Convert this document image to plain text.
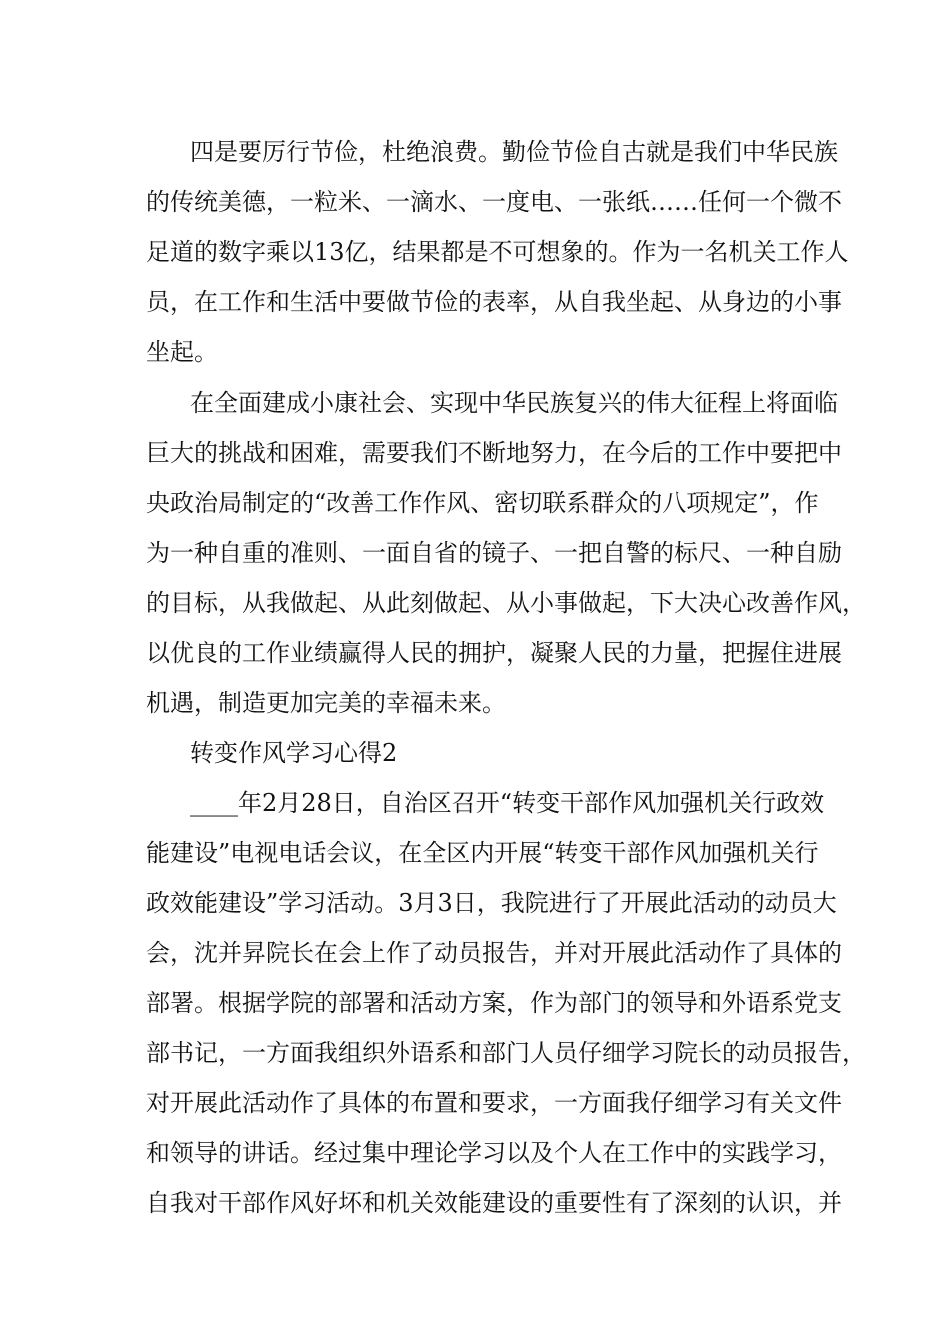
四是要厉行节俭，杜绝浪费。勤俭节俭自古就是我们中华民族
的传统美德，一粒米、一滴水、一度电、一张纸……任何一个微不
足道的数字乘以13亿，结果都是不可想象的。作为一名机关工作人
员，在工作和生活中要做节俭的表率，从自我坐起、从身边的小事
坐起。
在全面建成小康社会、实现中华民族复兴的伟大征程上将面临
巨大的挑战和困难，需要我们不断地努力，在今后的工作中要把中
央政治局制定的“改善工作作风、密切联系群众的八项规定”，作
为一种自重的准则、一面自省的镜子、一把自警的标尺、一种自励
的目标，从我做起、从此刻做起、从小事做起，下大决心改善作风，
以优良的工作业绩赢得人民的拥护，凝聚人民的力量，把握住进展
机遇，制造更加完美的幸福未来。
转变作风学习心得2
____年2月28日，自治区召开“转变干部作风加强机关行政效
能建设”电视电话会议，在全区内开展“转变干部作风加强机关行
政效能建设”学习活动。3月3日，我院进行了开展此活动的动员大
会，沈并昇院长在会上作了动员报告，并对开展此活动作了具体的
部署。根据学院的部署和活动方案，作为部门的领导和外语系党支
部书记，一方面我组织外语系和部门人员仔细学习院长的动员报告，
对开展此活动作了具体的布置和要求，一方面我仔细学习有关文件
和领导的讲话。经过集中理论学习以及个人在工作中的实践学习，
自我对干部作风好坏和机关效能建设的重要性有了深刻的认识，并
